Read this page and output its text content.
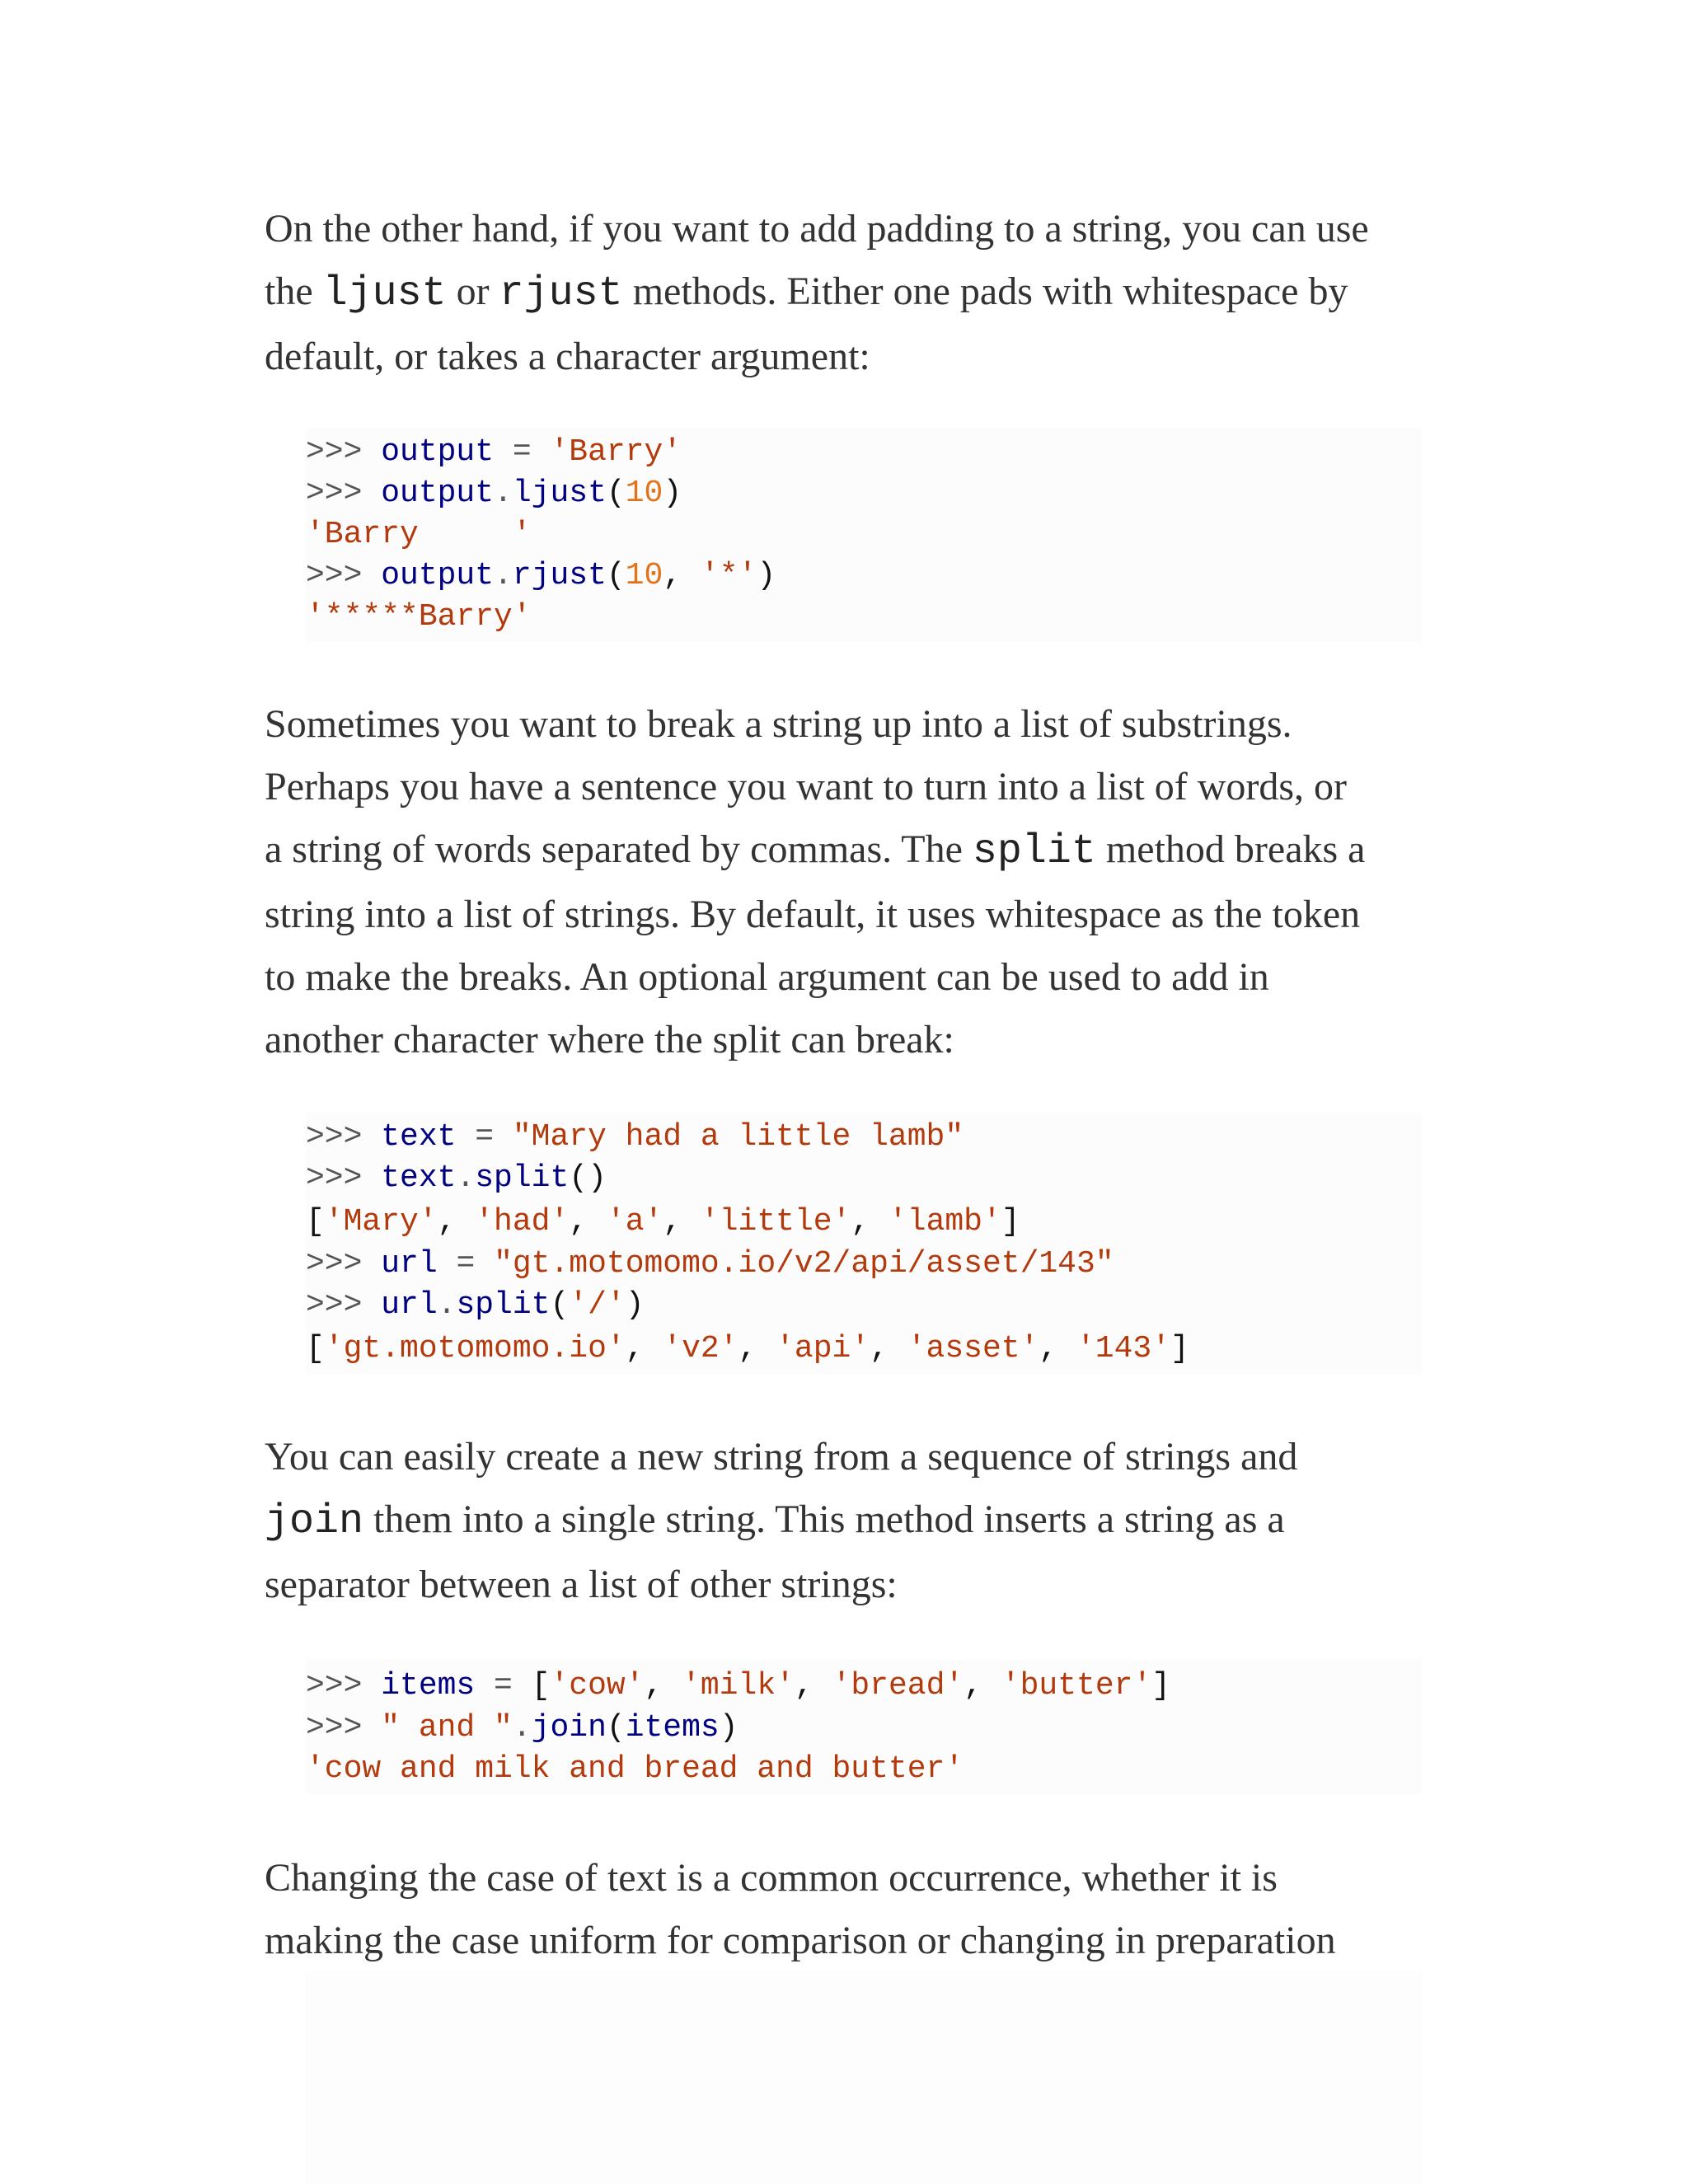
On the other hand, if you want to add padding to a string, you can use
the ljust or rjust methods. Either one pads with whitespace by
default, or takes a character argument:

>>> output = 'Barry'
>>> output.ljust(10)
'Barry     '
>>> output.rjust(10, '*')
'*****Barry'

Sometimes you want to break a string up into a list of substrings.
Perhaps you have a sentence you want to turn into a list of words, or
a string of words separated by commas. The split method breaks a
string into a list of strings. By default, it uses whitespace as the token
to make the breaks. An optional argument can be used to add in
another character where the split can break:

>>> text = "Mary had a little lamb"
>>> text.split()
['Mary', 'had', 'a', 'little', 'lamb']
>>> url = "gt.motomomo.io/v2/api/asset/143"
>>> url.split('/')
['gt.motomomo.io', 'v2', 'api', 'asset', '143']

You can easily create a new string from a sequence of strings and
join them into a single string. This method inserts a string as a
separator between a list of other strings:

>>> items = ['cow', 'milk', 'bread', 'butter']
>>> " and ".join(items)
'cow and milk and bread and butter'

Changing the case of text is a common occurrence, whether it is
making the case uniform for comparison or changing in preparation
